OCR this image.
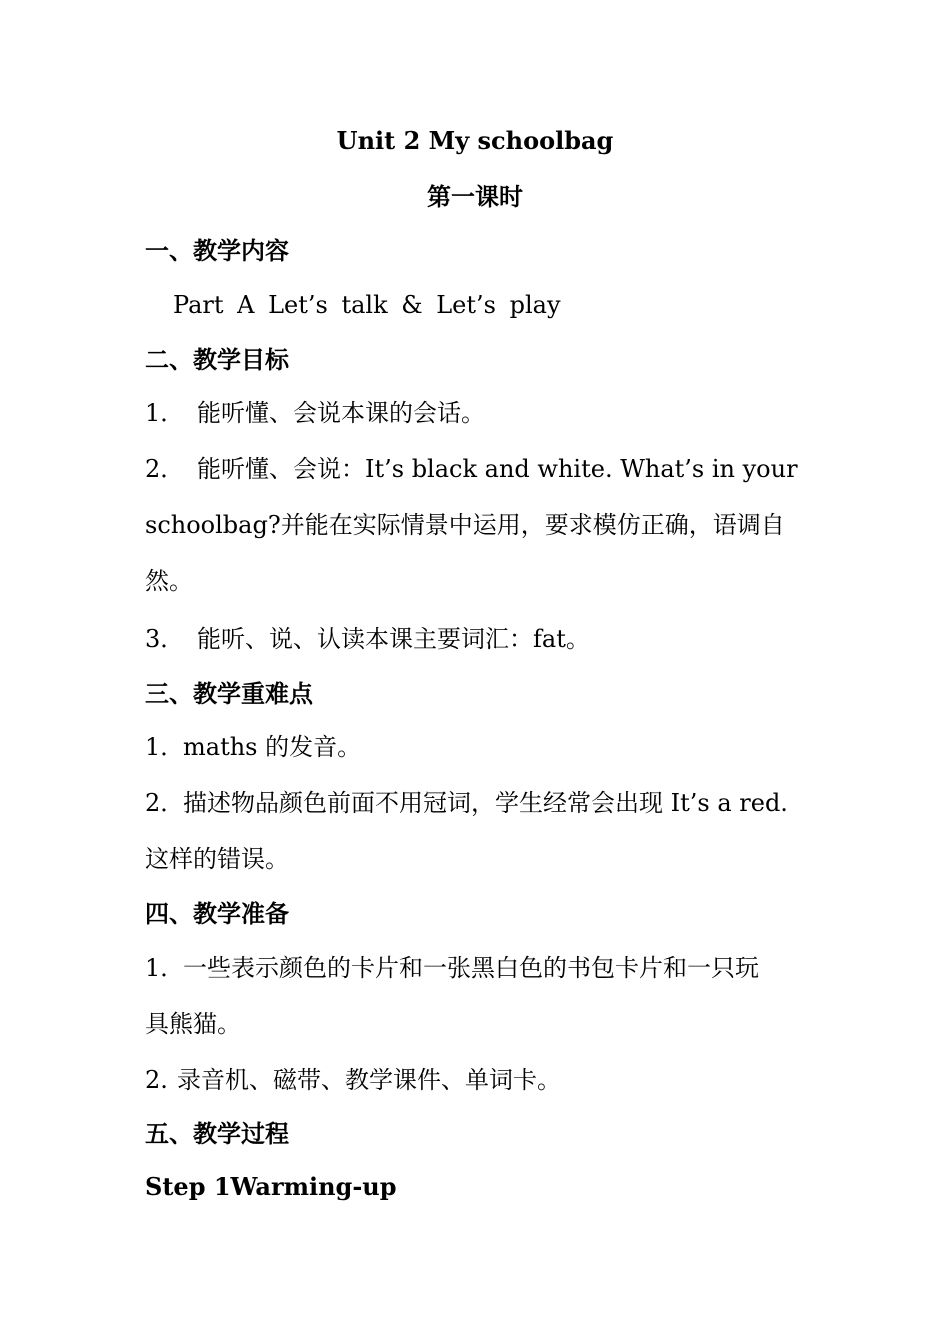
Unit 2 My schoolbag
第一课时
一、教学内容
Part A Let’s talk & Let’s play
二、教学目标
1． 能听懂、会说本课的会话。
2． 能听懂、会说：It’s black and white. What’s in your
schoolbag?并能在实际情景中运用，要求模仿正确，语调自
然。
3． 能听、说、认读本课主要词汇：fat。
三、教学重难点
1．maths 的发音。
2．描述物品颜色前面不用冠词，学生经常会出现 It’s a red.
这样的错误。
四、教学准备
1．一些表示颜色的卡片和一张黑白色的书包卡片和一只玩
具熊猫。
2. 录音机、磁带、教学课件、单词卡。
五、教学过程
Step 1Warming-up
